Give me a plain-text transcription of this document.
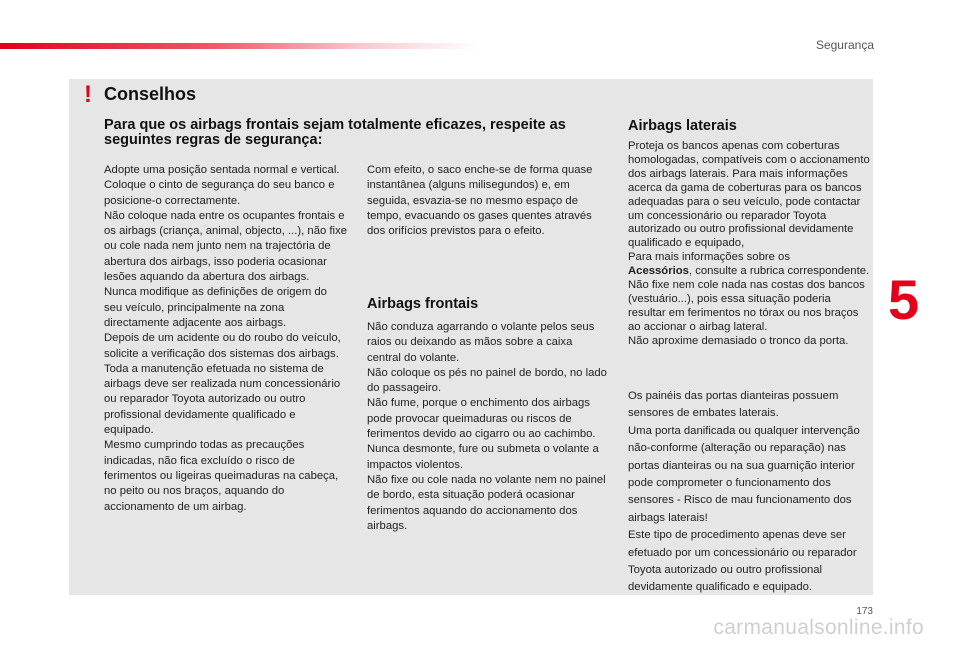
Segurança
! Conselhos
Para que os airbags frontais sejam totalmente eficazes, respeite as seguintes regras de segurança:

Adopte uma posição sentada normal e vertical.

Coloque o cinto de segurança do seu banco e posicione-o correctamente.

Não coloque nada entre os ocupantes frontais e os airbags (criança, animal, objecto, ...), não fixe ou cole nada nem junto nem na trajectória de abertura dos airbags, isso poderia ocasionar lesões aquando da abertura dos airbags.

Nunca modifique as definições de origem do seu veículo, principalmente na zona directamente adjacente aos airbags.

Depois de um acidente ou do roubo do veículo, solicite a verificação dos sistemas dos airbags.

Toda a manutenção efetuada no sistema de airbags deve ser realizada num concessionário ou reparador Toyota autorizado ou outro profissional devidamente qualificado e equipado.

Mesmo cumprindo todas as precauções indicadas, não fica excluído o risco de ferimentos ou ligeiras queimaduras na cabeça, no peito ou nos braços, aquando do accionamento de um airbag.

Com efeito, o saco enche-se de forma quase instantânea (alguns milisegundos) e, em seguida, esvazia-se no mesmo espaço de tempo, evacuando os gases quentes através dos orifícios previstos para o efeito.

Airbags frontais

Não conduza agarrando o volante pelos seus raios ou deixando as mãos sobre a caixa central do volante.

Não coloque os pés no painel de bordo, no lado do passageiro.

Não fume, porque o enchimento dos airbags pode provocar queimaduras ou riscos de ferimentos devido ao cigarro ou ao cachimbo.

Nunca desmonte, fure ou submeta o volante a impactos violentos.

Não fixe ou cole nada no volante nem no painel de bordo, esta situação poderá ocasionar ferimentos aquando do accionamento dos airbags.

Airbags laterais

Proteja os bancos apenas com coberturas homologadas, compatíveis com o accionamento dos airbags laterais. Para mais informações acerca da gama de coberturas para os bancos adequadas para o seu veículo, pode contactar um concessionário ou reparador Toyota autorizado ou outro profissional devidamente qualificado e equipado,

Para mais informações sobre os
Acessórios, consulte a rubrica correspondente.

Não fixe nem cole nada nas costas dos bancos (vestuário...), pois essa situação poderia resultar em ferimentos no tórax ou nos braços ao accionar o airbag lateral.

Não aproxime demasiado o tronco da porta.

Os painéis das portas dianteiras possuem sensores de embates laterais.

Uma porta danificada ou qualquer intervenção não-conforme (alteração ou reparação) nas portas dianteiras ou na sua guarnição interior pode comprometer o funcionamento dos sensores - Risco de mau funcionamento dos airbags laterais!

Este tipo de procedimento apenas deve ser efetuado por um concessionário ou reparador Toyota autorizado ou outro profissional devidamente qualificado e equipado.

5
173
carmanualsonline.info
